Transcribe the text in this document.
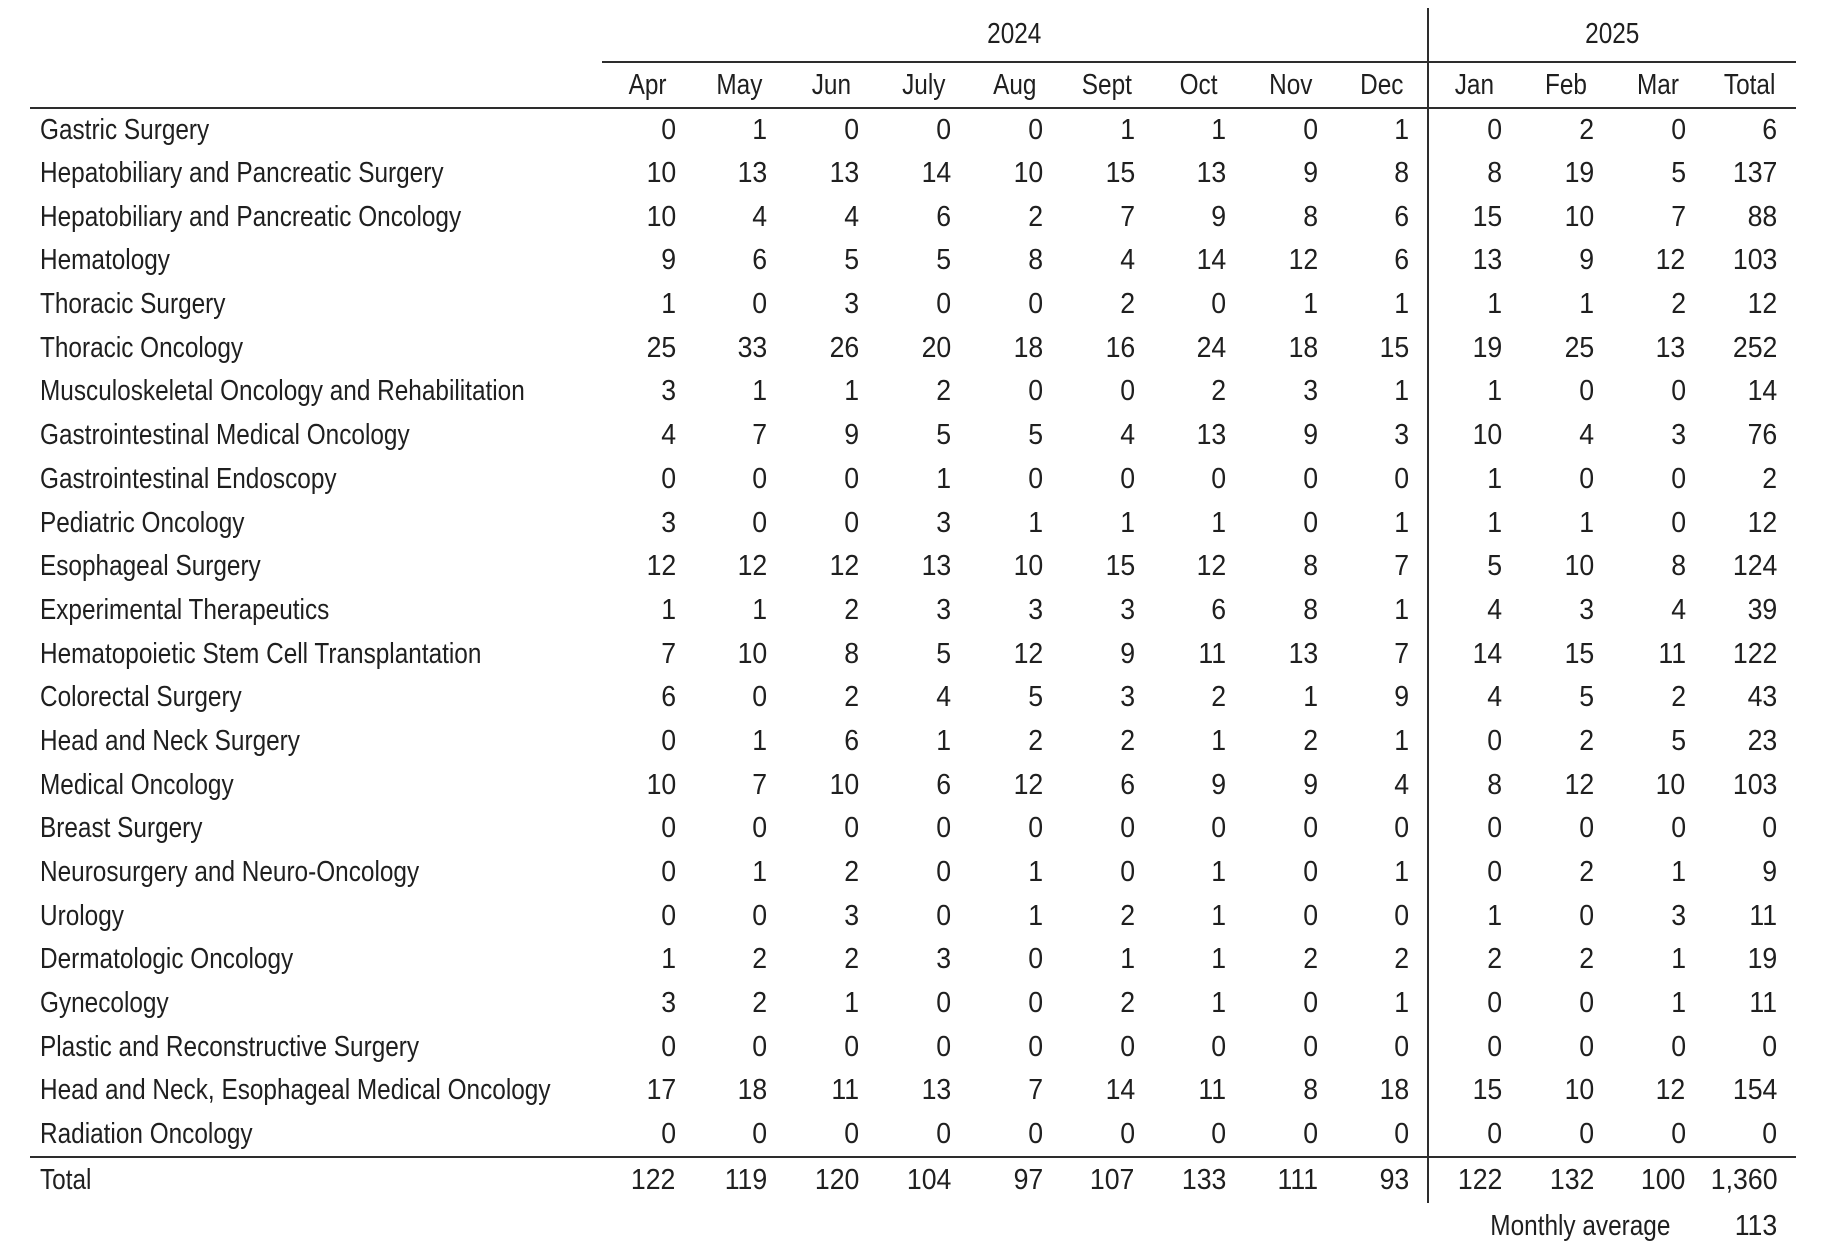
	2024									2025			
	Apr	May	Jun	July	Aug	Sept	Oct	Nov	Dec	Jan	Feb	Mar	Total
Gastric Surgery	0	1	0	0	0	1	1	0	1	0	2	0	6
Hepatobiliary and Pancreatic Surgery	10	13	13	14	10	15	13	9	8	8	19	5	137
Hepatobiliary and Pancreatic Oncology	10	4	4	6	2	7	9	8	6	15	10	7	88
Hematology	9	6	5	5	8	4	14	12	6	13	9	12	103
Thoracic Surgery	1	0	3	0	0	2	0	1	1	1	1	2	12
Thoracic Oncology	25	33	26	20	18	16	24	18	15	19	25	13	252
Musculoskeletal Oncology and Rehabilitation	3	1	1	2	0	0	2	3	1	1	0	0	14
Gastrointestinal Medical Oncology	4	7	9	5	5	4	13	9	3	10	4	3	76
Gastrointestinal Endoscopy	0	0	0	1	0	0	0	0	0	1	0	0	2
Pediatric Oncology	3	0	0	3	1	1	1	0	1	1	1	0	12
Esophageal Surgery	12	12	12	13	10	15	12	8	7	5	10	8	124
Experimental Therapeutics	1	1	2	3	3	3	6	8	1	4	3	4	39
Hematopoietic Stem Cell Transplantation	7	10	8	5	12	9	11	13	7	14	15	11	122
Colorectal Surgery	6	0	2	4	5	3	2	1	9	4	5	2	43
Head and Neck Surgery	0	1	6	1	2	2	1	2	1	0	2	5	23
Medical Oncology	10	7	10	6	12	6	9	9	4	8	12	10	103
Breast Surgery	0	0	0	0	0	0	0	0	0	0	0	0	0
Neurosurgery and Neuro-Oncology	0	1	2	0	1	0	1	0	1	0	2	1	9
Urology	0	0	3	0	1	2	1	0	0	1	0	3	11
Dermatologic Oncology	1	2	2	3	0	1	1	2	2	2	2	1	19
Gynecology	3	2	1	0	0	2	1	0	1	0	0	1	11
Plastic and Reconstructive Surgery	0	0	0	0	0	0	0	0	0	0	0	0	0
Head and Neck, Esophageal Medical Oncology	17	18	11	13	7	14	11	8	18	15	10	12	154
Radiation Oncology	0	0	0	0	0	0	0	0	0	0	0	0	0
Total	122	119	120	104	97	107	133	111	93	122	132	100	1,360
										Monthly average			113
